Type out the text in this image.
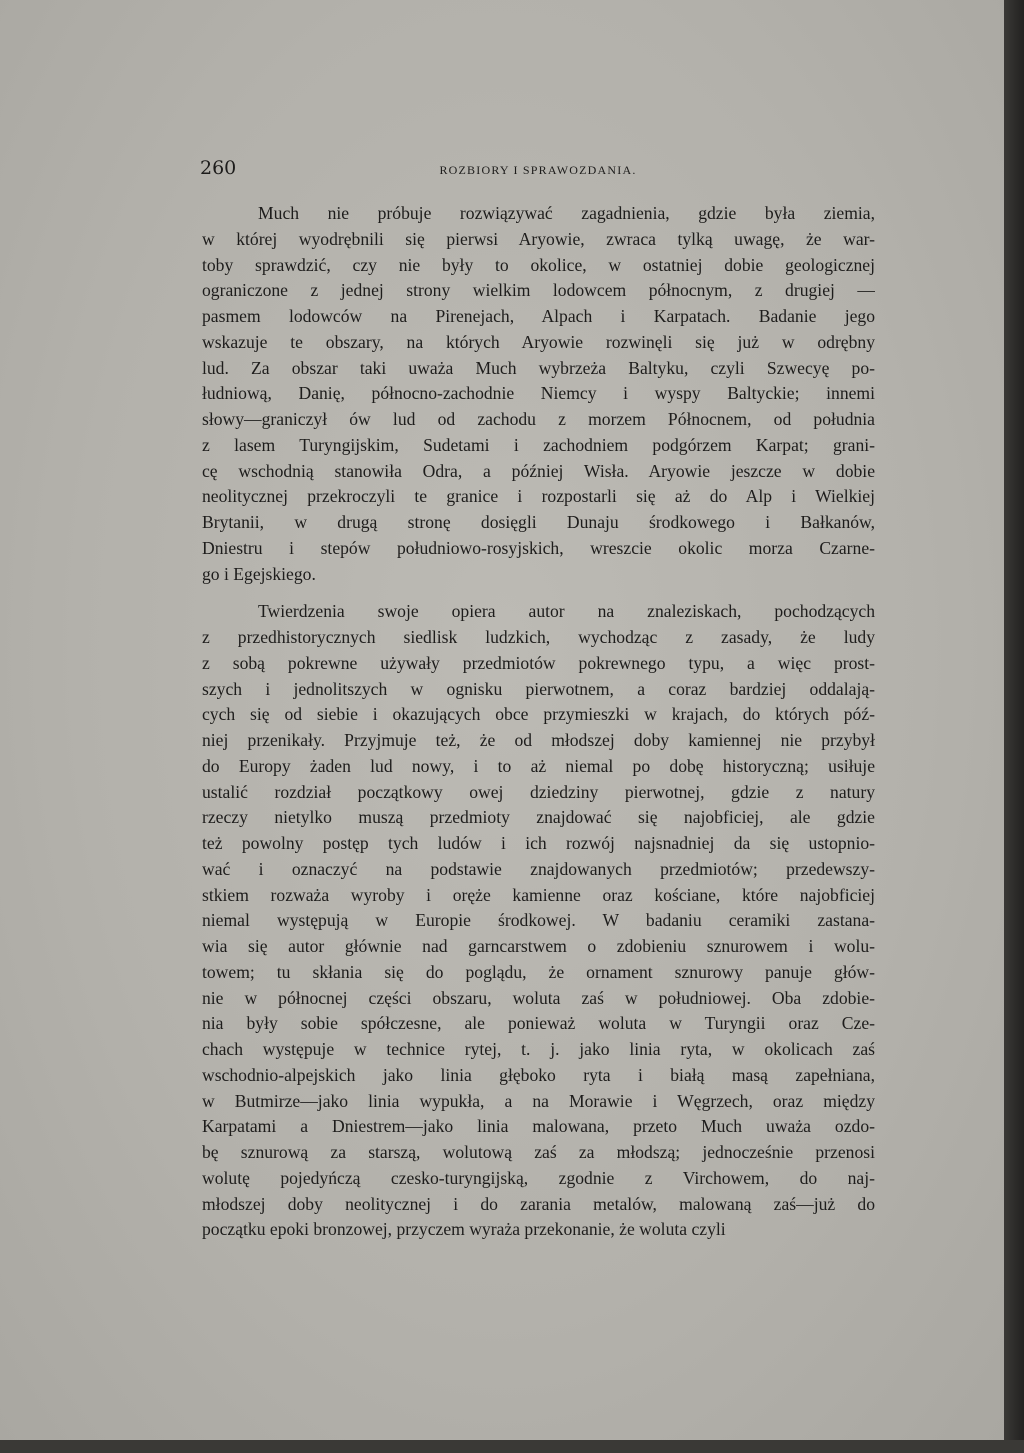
260	ROZBIORY I SPRAWOZDANIA.
Much nie próbuje rozwiązywać zagadnienia, gdzie była ziemia,
w której wyodrębnili się pierwsi Aryowie, zwraca tylką uwagę, że war-
toby sprawdzić, czy nie były to okolice, w ostatniej dobie geologicznej
ograniczone z jednej strony wielkim lodowcem północnym, z drugiej —
pasmem lodowców na Pirenejach, Alpach i Karpatach. Badanie jego
wskazuje te obszary, na których Aryowie rozwinęli się już w odrębny
lud. Za obszar taki uważa Much wybrzeża Baltyku, czyli Szwecyę po-
łudniową, Danię, północno-zachodnie Niemcy i wyspy Baltyckie; innemi
słowy—graniczył ów lud od zachodu z morzem Północnem, od południa
z lasem Turyngijskim, Sudetami i zachodniem podgórzem Karpat; grani-
cę wschodnią stanowiła Odra, a później Wisła. Aryowie jeszcze w dobie
neolitycznej przekroczyli te granice i rozpostarli się aż do Alp i Wielkiej
Brytanii, w drugą stronę dosięgli Dunaju środkowego i Bałkanów,
Dniestru i stepów południowo-rosyjskich, wreszcie okolic morza Czarne-
go i Egejskiego.
Twierdzenia swoje opiera autor na znaleziskach, pochodzących
z przedhistorycznych siedlisk ludzkich, wychodząc z zasady, że ludy
z sobą pokrewne używały przedmiotów pokrewnego typu, a więc prost-
szych i jednolitszych w ognisku pierwotnem, a coraz bardziej oddalają-
cych się od siebie i okazujących obce przymieszki w krajach, do których póź-
niej przenikały. Przyjmuje też, że od młodszej doby kamiennej nie przybył
do Europy żaden lud nowy, i to aż niemal po dobę historyczną; usiłuje
ustalić rozdział początkowy owej dziedziny pierwotnej, gdzie z natury
rzeczy nietylko muszą przedmioty znajdować się najobficiej, ale gdzie
też powolny postęp tych ludów i ich rozwój najsnadniej da się ustopnio-
wać i oznaczyć na podstawie znajdowanych przedmiotów; przedewszy-
stkiem rozważa wyroby i oręże kamienne oraz kościane, które najobficiej
niemal występują w Europie środkowej. W badaniu ceramiki zastana-
wia się autor głównie nad garncarstwem o zdobieniu sznurowem i wolu-
towem; tu skłania się do poglądu, że ornament sznurowy panuje głów-
nie w północnej części obszaru, woluta zaś w południowej. Oba zdobie-
nia były sobie spółczesne, ale ponieważ woluta w Turyngii oraz Cze-
chach występuje w technice rytej, t. j. jako linia ryta, w okolicach zaś
wschodnio-alpejskich jako linia głęboko ryta i białą masą zapełniana,
w Butmirze—jako linia wypukła, a na Morawie i Węgrzech, oraz między
Karpatami a Dniestrem—jako linia malowana, przeto Much uważa ozdo-
bę sznurową za starszą, wolutową zaś za młodszą; jednocześnie przenosi
wolutę pojedyńczą czesko-turyngijską, zgodnie z Virchowem, do naj-
młodszej doby neolitycznej i do zarania metalów, malowaną zaś—już do
początku epoki bronzowej, przyczem wyraża przekonanie, że woluta czyli
